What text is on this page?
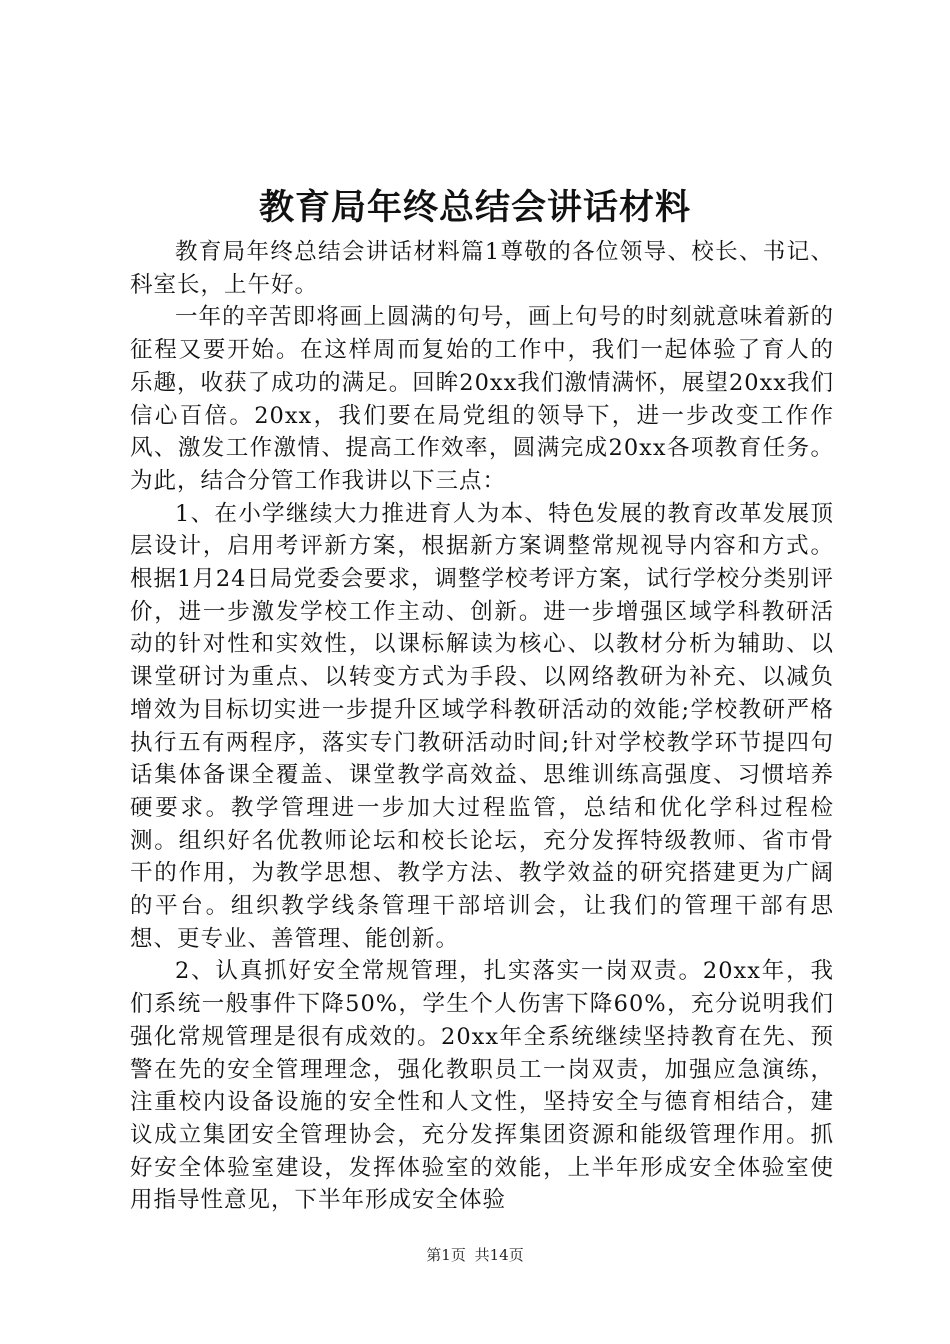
教育局年终总结会讲话材料

教育局年终总结会讲话材料篇1尊敬的各位领导、校长、书记、科室长，上午好。

一年的辛苦即将画上圆满的句号，画上句号的时刻就意味着新的征程又要开始。在这样周而复始的工作中，我们一起体验了育人的乐趣，收获了成功的满足。回眸20xx我们激情满怀，展望20xx我们信心百倍。20xx，我们要在局党组的领导下，进一步改变工作作风、激发工作激情、提高工作效率，圆满完成20xx各项教育任务。为此，结合分管工作我讲以下三点：

1、在小学继续大力推进育人为本、特色发展的教育改革发展顶层设计，启用考评新方案，根据新方案调整常规视导内容和方式。根据1月24日局党委会要求，调整学校考评方案，试行学校分类别评价，进一步激发学校工作主动、创新。进一步增强区域学科教研活动的针对性和实效性，以课标解读为核心、以教材分析为辅助、以课堂研讨为重点、以转变方式为手段、以网络教研为补充、以减负增效为目标切实进一步提升区域学科教研活动的效能;学校教研严格执行五有两程序，落实专门教研活动时间;针对学校教学环节提四句话集体备课全覆盖、课堂教学高效益、思维训练高强度、习惯培养硬要求。教学管理进一步加大过程监管，总结和优化学科过程检测。组织好名优教师论坛和校长论坛，充分发挥特级教师、省市骨干的作用，为教学思想、教学方法、教学效益的研究搭建更为广阔的平台。组织教学线条管理干部培训会，让我们的管理干部有思想、更专业、善管理、能创新。

2、认真抓好安全常规管理，扎实落实一岗双责。20xx年，我们系统一般事件下降50%，学生个人伤害下降60%，充分说明我们强化常规管理是很有成效的。20xx年全系统继续坚持教育在先、预警在先的安全管理理念，强化教职员工一岗双责，加强应急演练，注重校内设备设施的安全性和人文性，坚持安全与德育相结合，建议成立集团安全管理协会，充分发挥集团资源和能级管理作用。抓好安全体验室建设，发挥体验室的效能，上半年形成安全体验室使用指导性意见，下半年形成安全体验

第1页 共14页
